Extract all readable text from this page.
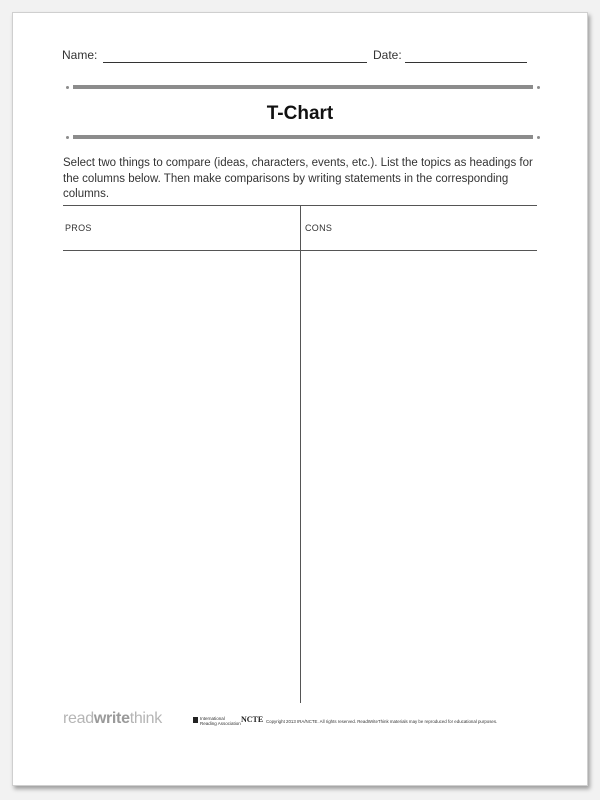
Name:	Date:
T-Chart
Select two things to compare (ideas, characters, events, etc.). List the topics as headings for the columns below. Then make comparisons by writing statements in the corresponding columns.
PROS	CONS
readwritethink	International
Reading Association NCTE Copyright 2013 IRA/NCTE. All rights reserved. ReadWriteThink materials may be reproduced for educational purposes.
